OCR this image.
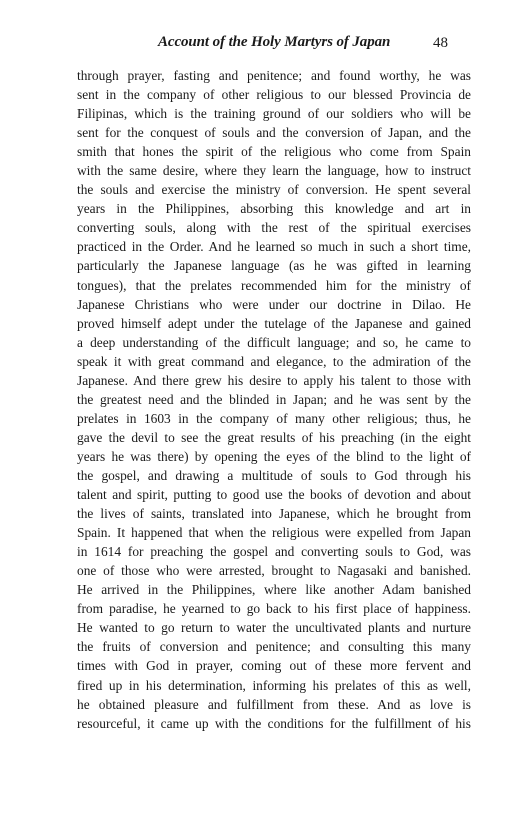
Account of the Holy Martyrs of Japan	48
through prayer, fasting and penitence; and found worthy, he was
sent in the company of other religious to our blessed Provincia de
Filipinas, which is the training ground of our soldiers who will be
sent for the conquest of souls and the conversion of Japan, and the
smith that hones the spirit of the religious who come from Spain
with the same desire, where they learn the language, how to instruct
the souls and exercise the ministry of conversion. He spent several
years in the Philippines, absorbing this knowledge and art in
converting souls, along with the rest of the spiritual exercises
practiced in the Order. And he learned so much in such a short time,
particularly the Japanese language (as he was gifted in learning
tongues), that the prelates recommended him for the ministry of
Japanese Christians who were under our doctrine in Dilao. He
proved himself adept under the tutelage of the Japanese and gained
a deep understanding of the difficult language; and so, he came to
speak it with great command and elegance, to the admiration of the
Japanese. And there grew his desire to apply his talent to those with
the greatest need and the blinded in Japan; and he was sent by the
prelates in 1603 in the company of many other religious; thus, he
gave the devil to see the great results of his preaching (in the eight
years he was there) by opening the eyes of the blind to the light of
the gospel, and drawing a multitude of souls to God through his
talent and spirit, putting to good use the books of devotion and about
the lives of saints, translated into Japanese, which he brought from
Spain. It happened that when the religious were expelled from Japan
in 1614 for preaching the gospel and converting souls to God, was
one of those who were arrested, brought to Nagasaki and banished.
He arrived in the Philippines, where like another Adam banished
from paradise, he yearned to go back to his first place of happiness.
He wanted to go return to water the uncultivated plants and nurture
the fruits of conversion and penitence; and consulting this many
times with God in prayer, coming out of these more fervent and
fired up in his determination, informing his prelates of this as well,
he obtained pleasure and fulfillment from these. And as love is
resourceful, it came up with the conditions for the fulfillment of his
